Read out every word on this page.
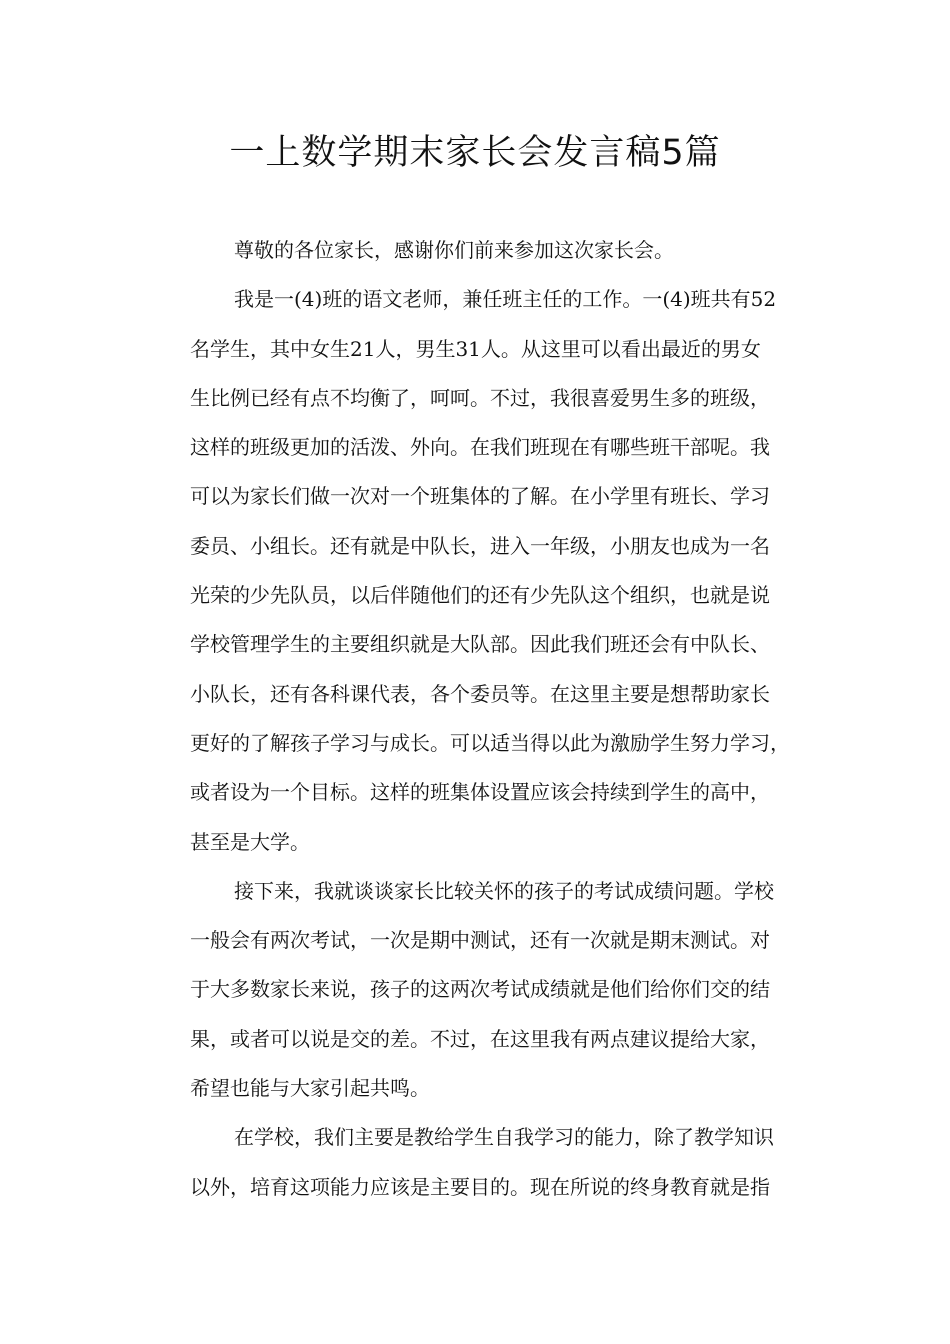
一上数学期末家长会发言稿5篇
尊敬的各位家长，感谢你们前来参加这次家长会。
我是一(4)班的语文老师，兼任班主任的工作。一(4)班共有52
名学生，其中女生21人，男生31人。从这里可以看出最近的男女
生比例已经有点不均衡了，呵呵。不过，我很喜爱男生多的班级，
这样的班级更加的活泼、外向。在我们班现在有哪些班干部呢。我
可以为家长们做一次对一个班集体的了解。在小学里有班长、学习
委员、小组长。还有就是中队长，进入一年级，小朋友也成为一名
光荣的少先队员，以后伴随他们的还有少先队这个组织，也就是说
学校管理学生的主要组织就是大队部。因此我们班还会有中队长、
小队长，还有各科课代表，各个委员等。在这里主要是想帮助家长
更好的了解孩子学习与成长。可以适当得以此为激励学生努力学习，
或者设为一个目标。这样的班集体设置应该会持续到学生的高中，
甚至是大学。
接下来，我就谈谈家长比较关怀的孩子的考试成绩问题。学校
一般会有两次考试，一次是期中测试，还有一次就是期末测试。对
于大多数家长来说，孩子的这两次考试成绩就是他们给你们交的结
果，或者可以说是交的差。不过，在这里我有两点建议提给大家，
希望也能与大家引起共鸣。
在学校，我们主要是教给学生自我学习的能力，除了教学知识
以外，培育这项能力应该是主要目的。现在所说的终身教育就是指
